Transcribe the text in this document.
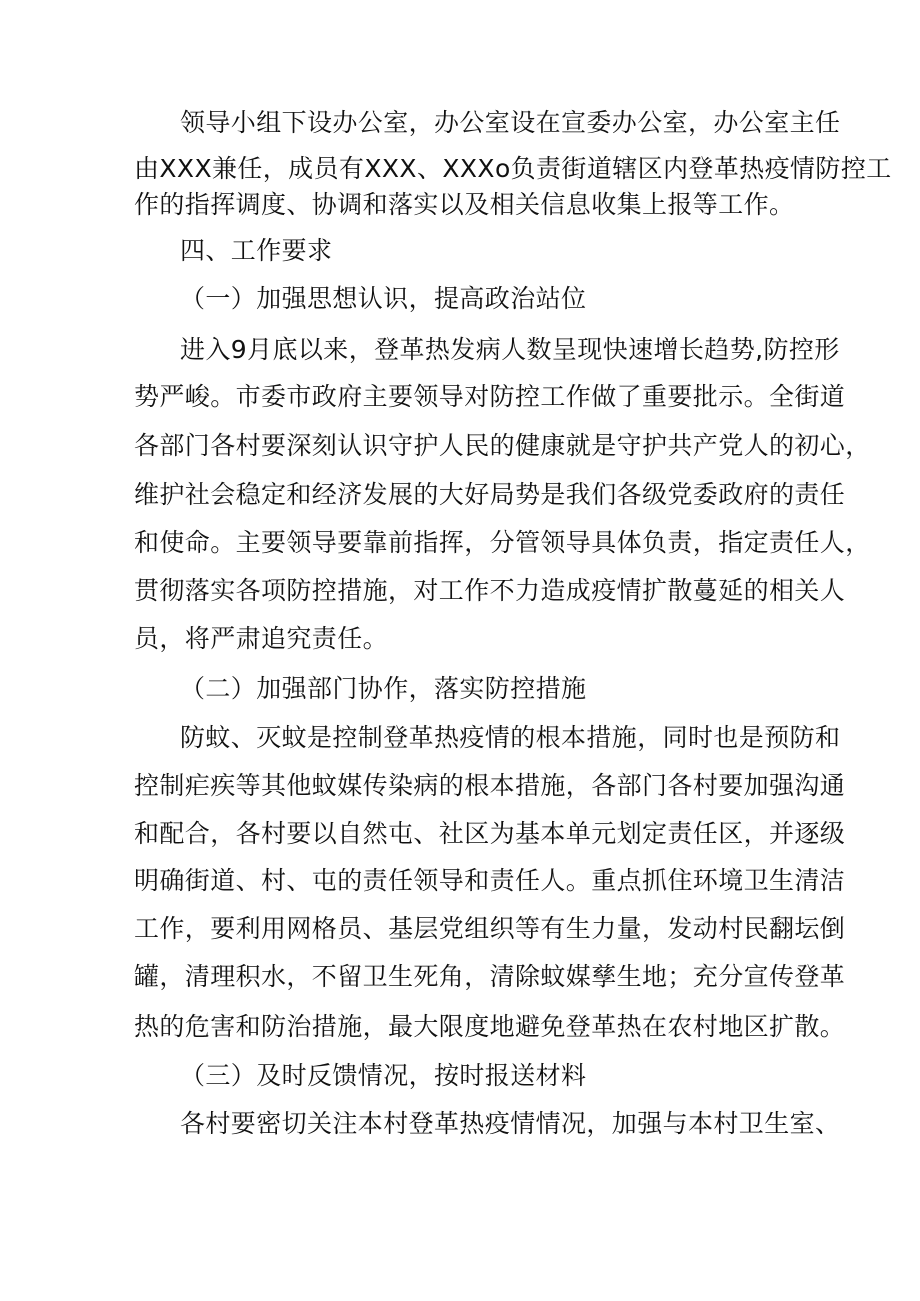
领导小组下设办公室，办公室设在宣委办公室，办公室主任
由XXX兼任，成员有XXX、XXXo负责街道辖区内登革热疫情防控工
作的指挥调度、协调和落实以及相关信息收集上报等工作。
四、工作要求
（一）加强思想认识，提高政治站位
进入9月底以来，登革热发病人数呈现快速增长趋势,防控形
势严峻。市委市政府主要领导对防控工作做了重要批示。全街道
各部门各村要深刻认识守护人民的健康就是守护共产党人的初心，
维护社会稳定和经济发展的大好局势是我们各级党委政府的责任
和使命。主要领导要靠前指挥，分管领导具体负责，指定责任人，
贯彻落实各项防控措施，对工作不力造成疫情扩散蔓延的相关人
员，将严肃追究责任。
（二）加强部门协作，落实防控措施
防蚊、灭蚊是控制登革热疫情的根本措施，同时也是预防和
控制疟疾等其他蚊媒传染病的根本措施，各部门各村要加强沟通
和配合，各村要以自然屯、社区为基本单元划定责任区，并逐级
明确街道、村、屯的责任领导和责任人。重点抓住环境卫生清洁
工作，要利用网格员、基层党组织等有生力量，发动村民翻坛倒
罐，清理积水，不留卫生死角，清除蚊媒孳生地；充分宣传登革
热的危害和防治措施，最大限度地避免登革热在农村地区扩散。
（三）及时反馈情况，按时报送材料
各村要密切关注本村登革热疫情情况，加强与本村卫生室、
